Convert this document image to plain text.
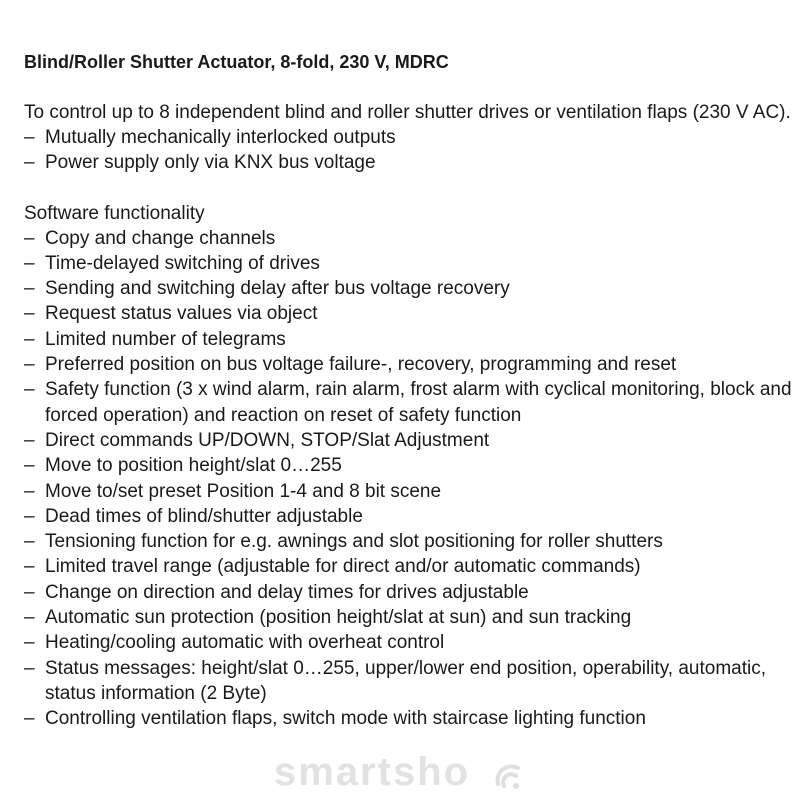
Blind/Roller Shutter Actuator, 8-fold, 230 V, MDRC

To control up to 8 independent blind and roller shutter drives or ventilation flaps (230 V AC).

– Mutually mechanically interlocked outputs
– Power supply only via KNX bus voltage

Software functionality

– Copy and change channels
– Time-delayed switching of drives
– Sending and switching delay after bus voltage recovery
– Request status values via object
– Limited number of telegrams
– Preferred position on bus voltage failure-, recovery, programming and reset
– Safety function (3 x wind alarm, rain alarm, frost alarm with cyclical monitoring, block and forced operation) and reaction on reset of safety function
– Direct commands UP/DOWN, STOP/Slat Adjustment
– Move to position height/slat 0…255
– Move to/set preset Position 1-4 and 8 bit scene
– Dead times of blind/shutter adjustable
– Tensioning function for e.g. awnings and slot positioning for roller shutters
– Limited travel range (adjustable for direct and/or automatic commands)
– Change on direction and delay times for drives adjustable
– Automatic sun protection (position height/slat at sun) and sun tracking
– Heating/cooling automatic with overheat control
– Status messages: height/slat 0…255, upper/lower end position, operability, automatic, status information (2 Byte)
– Controlling ventilation flaps, switch mode with staircase lighting function
smartsho
